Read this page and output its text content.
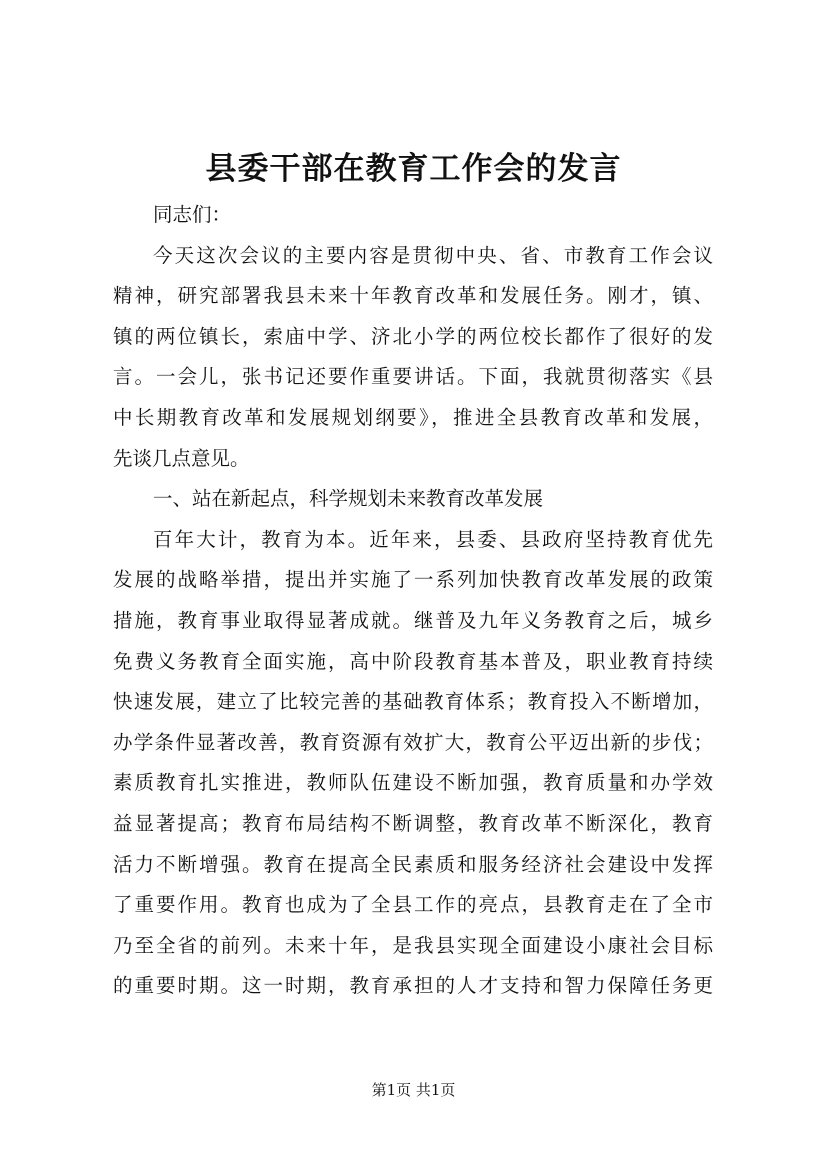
县委干部在教育工作会的发言
同志们：
今天这次会议的主要内容是贯彻中央、省、市教育工作会议
精神，研究部署我县未来十年教育改革和发展任务。刚才，镇、
镇的两位镇长，索庙中学、济北小学的两位校长都作了很好的发
言。一会儿，张书记还要作重要讲话。下面，我就贯彻落实《县
中长期教育改革和发展规划纲要》，推进全县教育改革和发展，
先谈几点意见。
一、站在新起点，科学规划未来教育改革发展
百年大计，教育为本。近年来，县委、县政府坚持教育优先
发展的战略举措，提出并实施了一系列加快教育改革发展的政策
措施，教育事业取得显著成就。继普及九年义务教育之后，城乡
免费义务教育全面实施，高中阶段教育基本普及，职业教育持续
快速发展，建立了比较完善的基础教育体系；教育投入不断增加，
办学条件显著改善，教育资源有效扩大，教育公平迈出新的步伐；
素质教育扎实推进，教师队伍建设不断加强，教育质量和办学效
益显著提高；教育布局结构不断调整，教育改革不断深化，教育
活力不断增强。教育在提高全民素质和服务经济社会建设中发挥
了重要作用。教育也成为了全县工作的亮点，县教育走在了全市
乃至全省的前列。未来十年，是我县实现全面建设小康社会目标
的重要时期。这一时期，教育承担的人才支持和智力保障任务更
第1页 共1页
